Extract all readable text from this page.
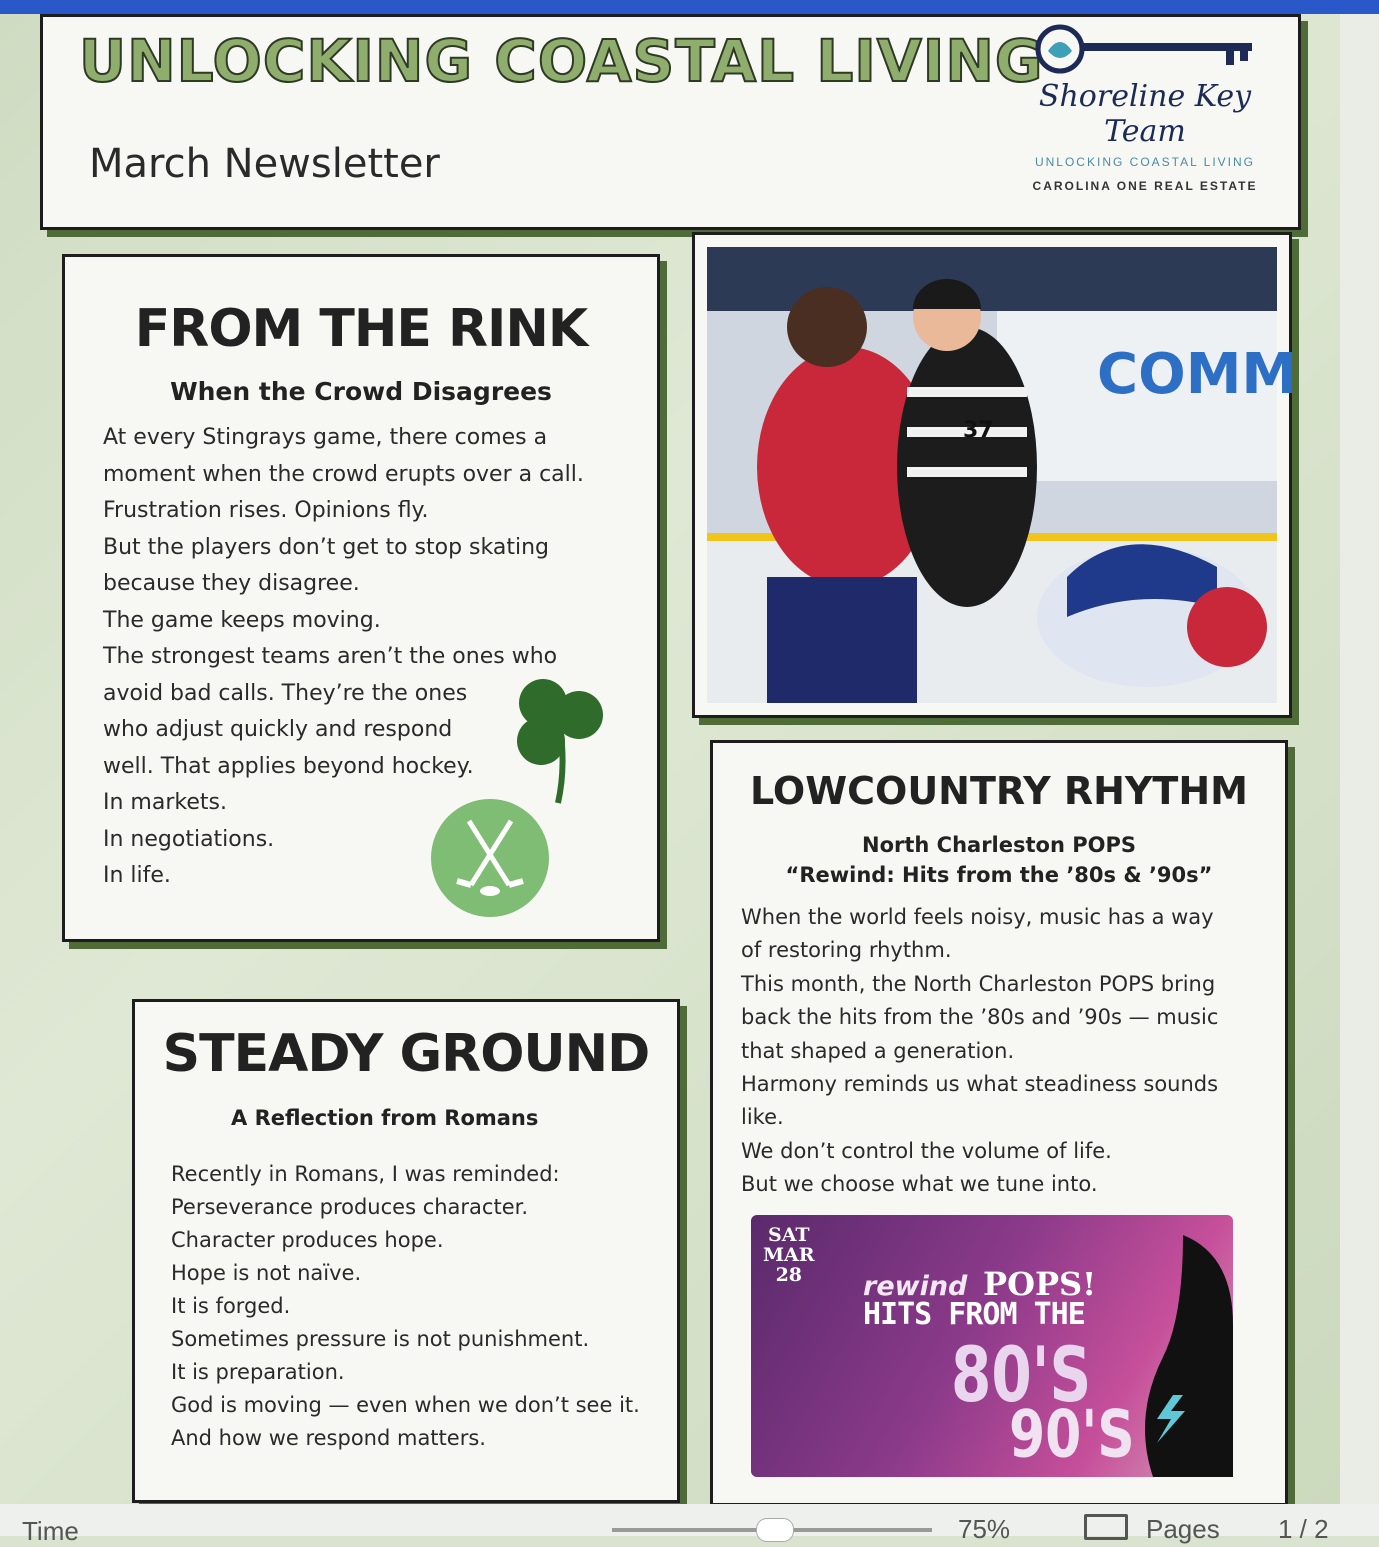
UNLOCKING COASTAL LIVING
March Newsletter
Shoreline Key Team
UNLOCKING COASTAL LIVING
CAROLINA ONE REAL ESTATE
FROM THE RINK
When the Crowd Disagrees
At every Stingrays game, there comes a
moment when the crowd erupts over a call.
Frustration rises. Opinions fly.
But the players don’t get to stop skating
because they disagree.
The game keeps moving.
The strongest teams aren’t the ones who
avoid bad calls. They’re the ones
who adjust quickly and respond
well. That applies beyond hockey.
In markets.
In negotiations.
In life.
COMM
37
STEADY GROUND
A Reflection from Romans
Recently in Romans, I was reminded:
Perseverance produces character.
Character produces hope.
Hope is not naïve.
It is forged.
Sometimes pressure is not punishment.
It is preparation.
God is moving — even when we don’t see it.
And how we respond matters.
LOWCOUNTRY RHYTHM
North Charleston POPS
“Rewind: Hits from the ’80s & ’90s”
When the world feels noisy, music has a way
of restoring rhythm.
This month, the North Charleston POPS bring
back the hits from the ’80s and ’90s — music
that shaped a generation.
Harmony reminds us what steadiness sounds
like.
We don’t control the volume of life.
But we choose what we tune into.
SAT
MAR
28	rewind POPS!
HITS FROM THE
80'S
90'S
Time	75%	Pages 1 / 2
